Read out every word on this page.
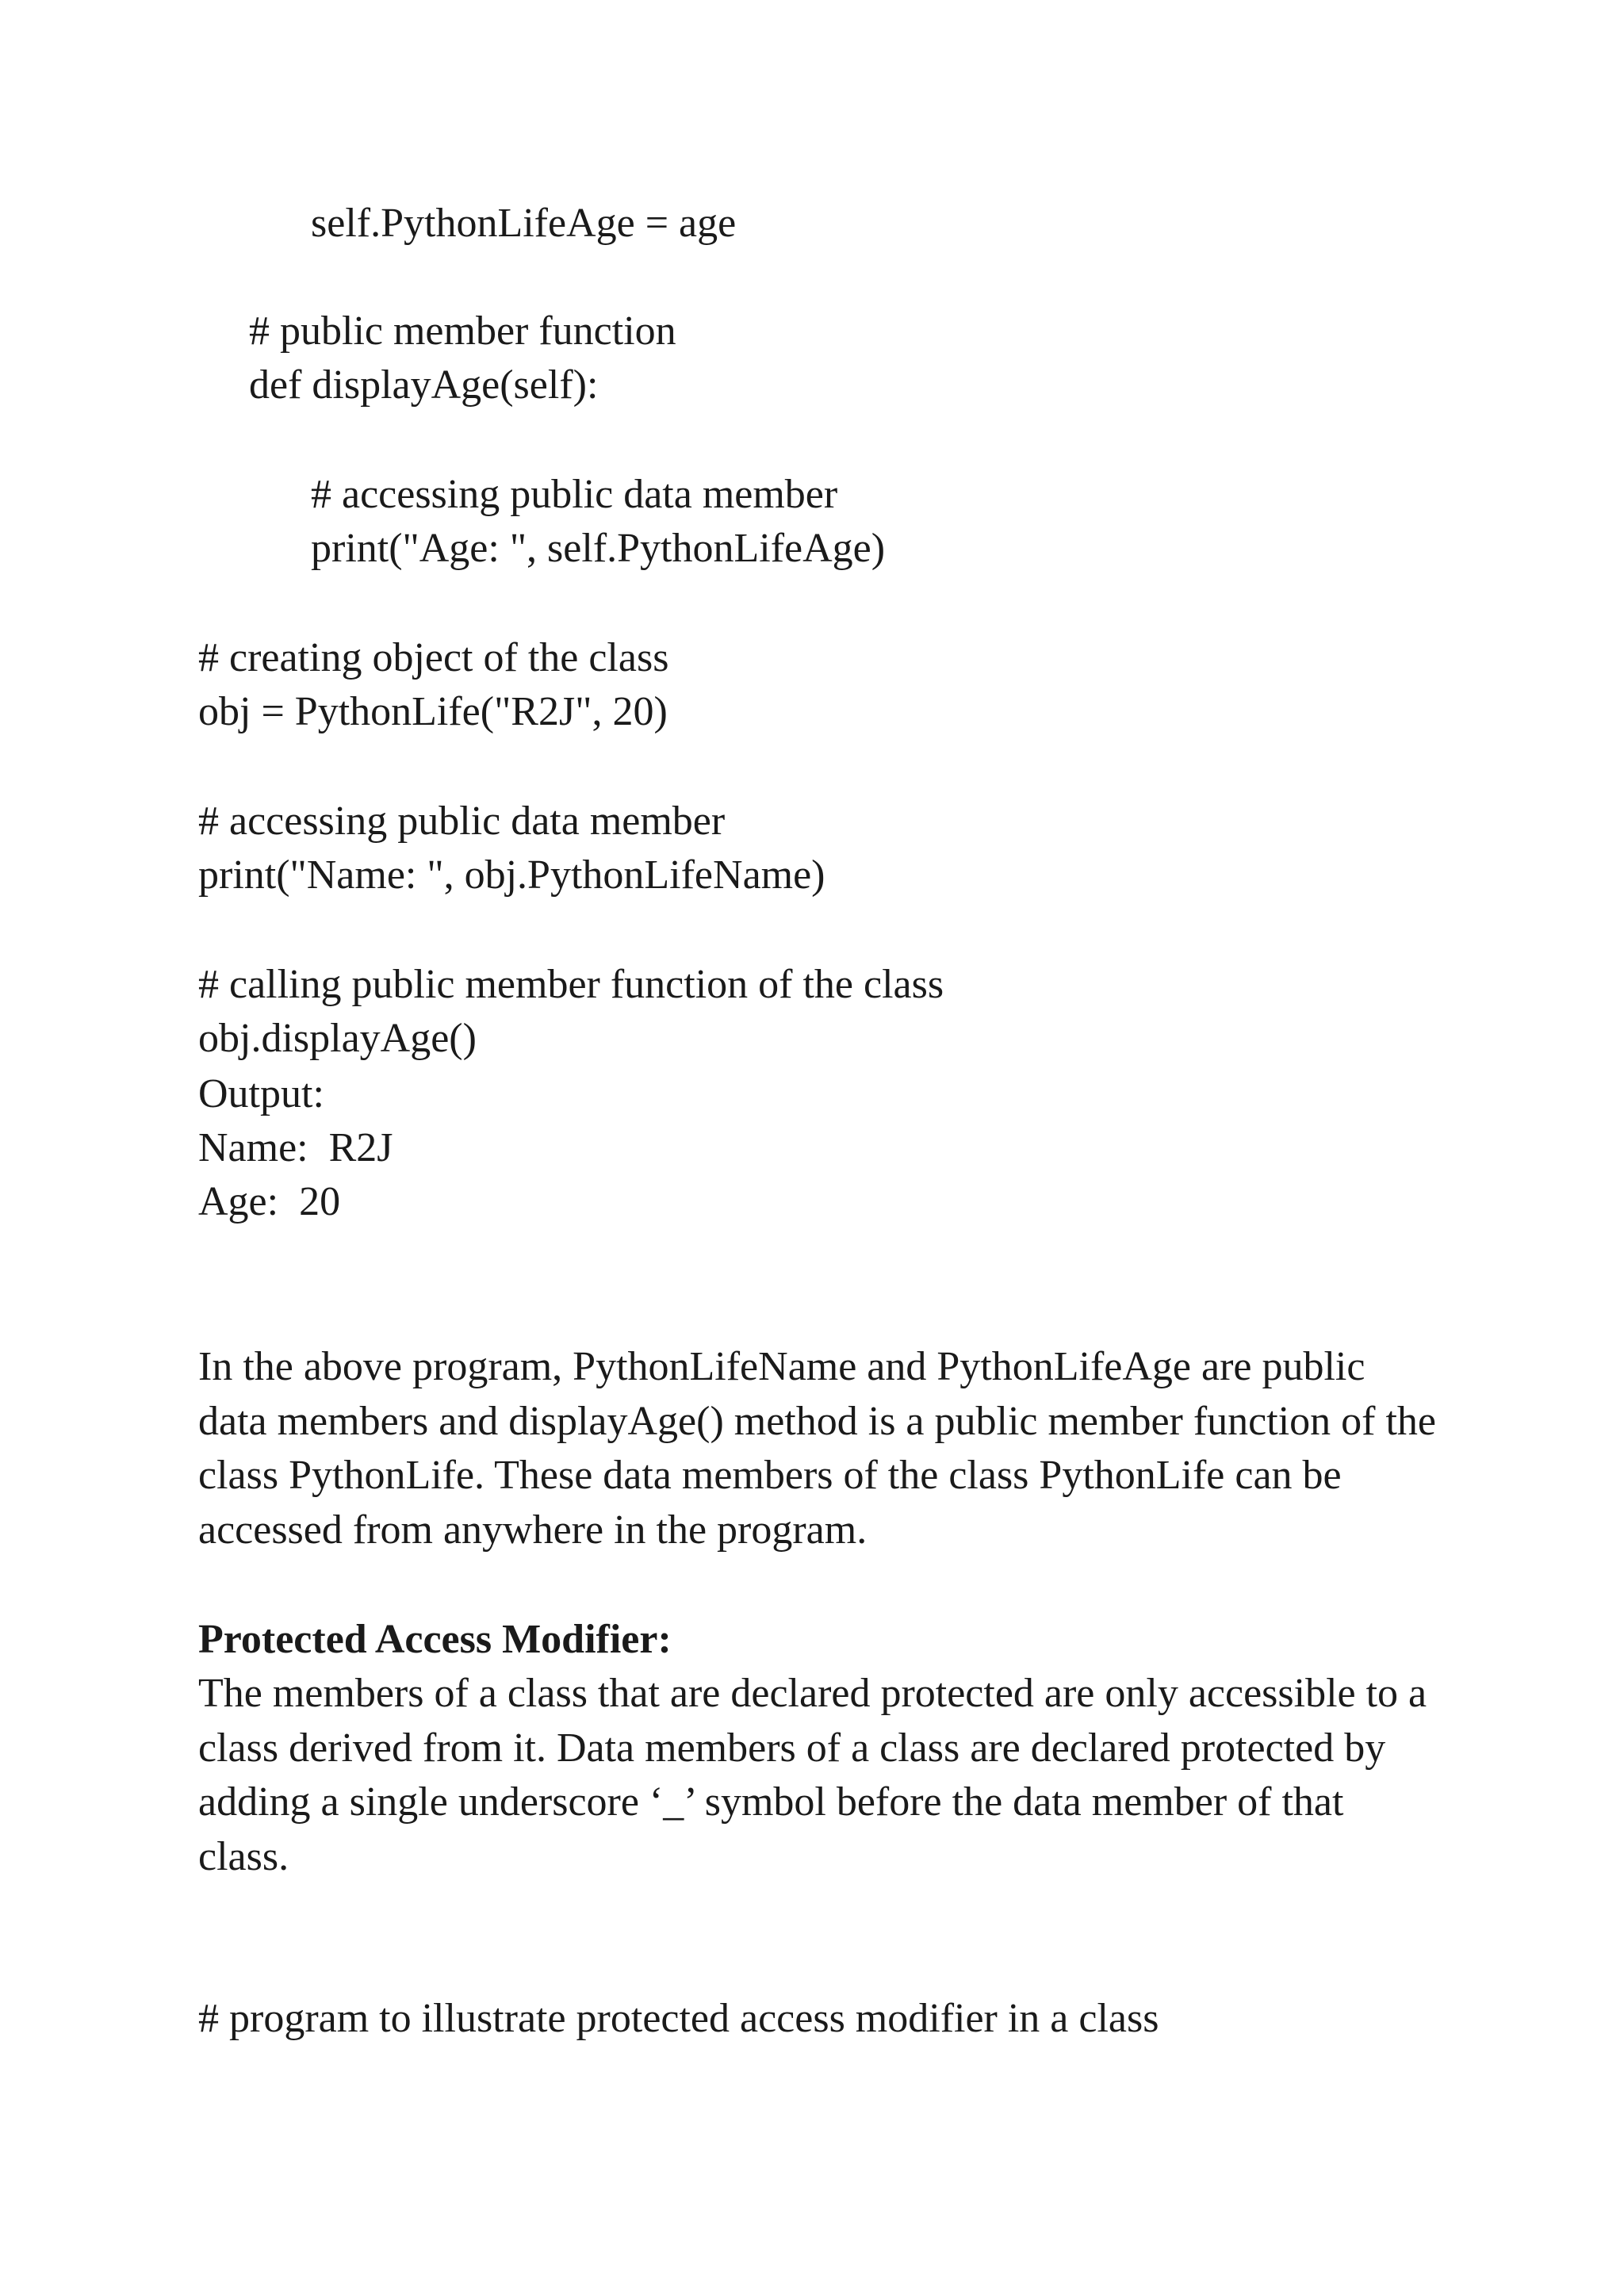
self.PythonLifeAge = age

# public member function

def displayAge(self):

# accessing public data member

print("Age: ", self.PythonLifeAge)

# creating object of the class

obj = PythonLife("R2J", 20)

# accessing public data member

print("Name: ", obj.PythonLifeName)

# calling public member function of the class

obj.displayAge()

Output:

Name:  R2J

Age:  20

In the above program, PythonLifeName and PythonLifeAge are public
data members and displayAge() method is a public member function of the
class PythonLife. These data members of the class PythonLife can be
accessed from anywhere in the program.

Protected Access Modifier:

The members of a class that are declared protected are only accessible to a
class derived from it. Data members of a class are declared protected by
adding a single underscore ‘_’ symbol before the data member of that
class.

# program to illustrate protected access modifier in a class
